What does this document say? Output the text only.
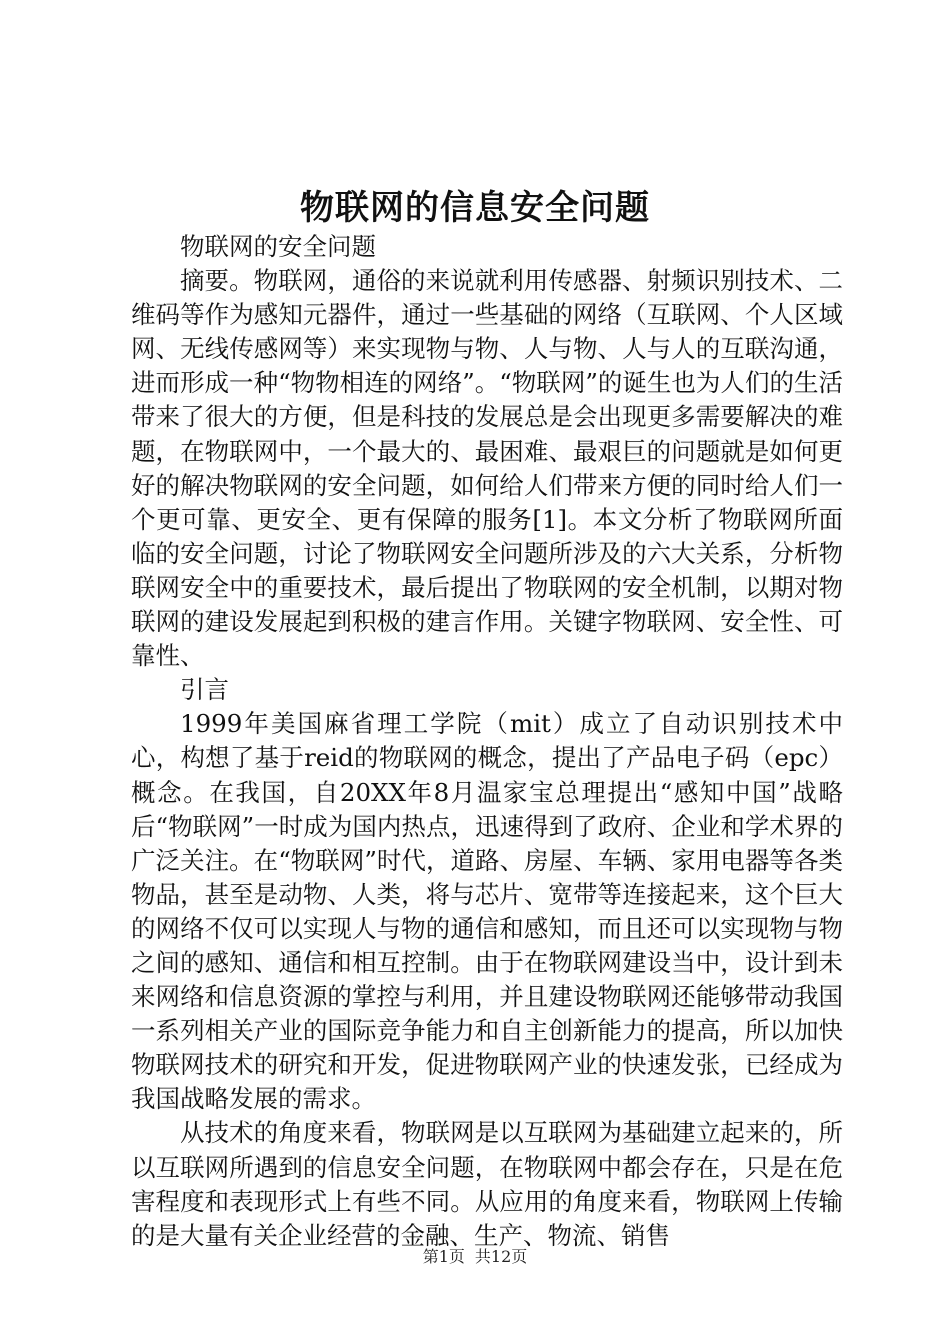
物联网的信息安全问题

物联网的安全问题

摘要。物联网，通俗的来说就利用传感器、射频识别技术、二维码等作为感知元器件，通过一些基础的网络（互联网、个人区域网、无线传感网等）来实现物与物、人与物、人与人的互联沟通，进而形成一种“物物相连的网络”。“物联网”的诞生也为人们的生活带来了很大的方便，但是科技的发展总是会出现更多需要解决的难题，在物联网中，一个最大的、最困难、最艰巨的问题就是如何更好的解决物联网的安全问题，如何给人们带来方便的同时给人们一个更可靠、更安全、更有保障的服务[1]。本文分析了物联网所面临的安全问题，讨论了物联网安全问题所涉及的六大关系，分析物联网安全中的重要技术，最后提出了物联网的安全机制，以期对物联网的建设发展起到积极的建言作用。关键字物联网、安全性、可靠性、

引言

1999年美国麻省理工学院（mit）成立了自动识别技术中心，构想了基于reid的物联网的概念，提出了产品电子码（epc）概念。在我国，自20XX年8月温家宝总理提出“感知中国”战略后“物联网”一时成为国内热点，迅速得到了政府、企业和学术界的广泛关注。在“物联网”时代，道路、房屋、车辆、家用电器等各类物品，甚至是动物、人类，将与芯片、宽带等连接起来，这个巨大的网络不仅可以实现人与物的通信和感知，而且还可以实现物与物之间的感知、通信和相互控制。由于在物联网建设当中，设计到未来网络和信息资源的掌控与利用，并且建设物联网还能够带动我国一系列相关产业的国际竞争能力和自主创新能力的提高，所以加快物联网技术的研究和开发，促进物联网产业的快速发张，已经成为我国战略发展的需求。

从技术的角度来看，物联网是以互联网为基础建立起来的，所以互联网所遇到的信息安全问题，在物联网中都会存在，只是在危害程度和表现形式上有些不同。从应用的角度来看，物联网上传输的是大量有关企业经营的金融、生产、物流、销售

第1页 共12页
